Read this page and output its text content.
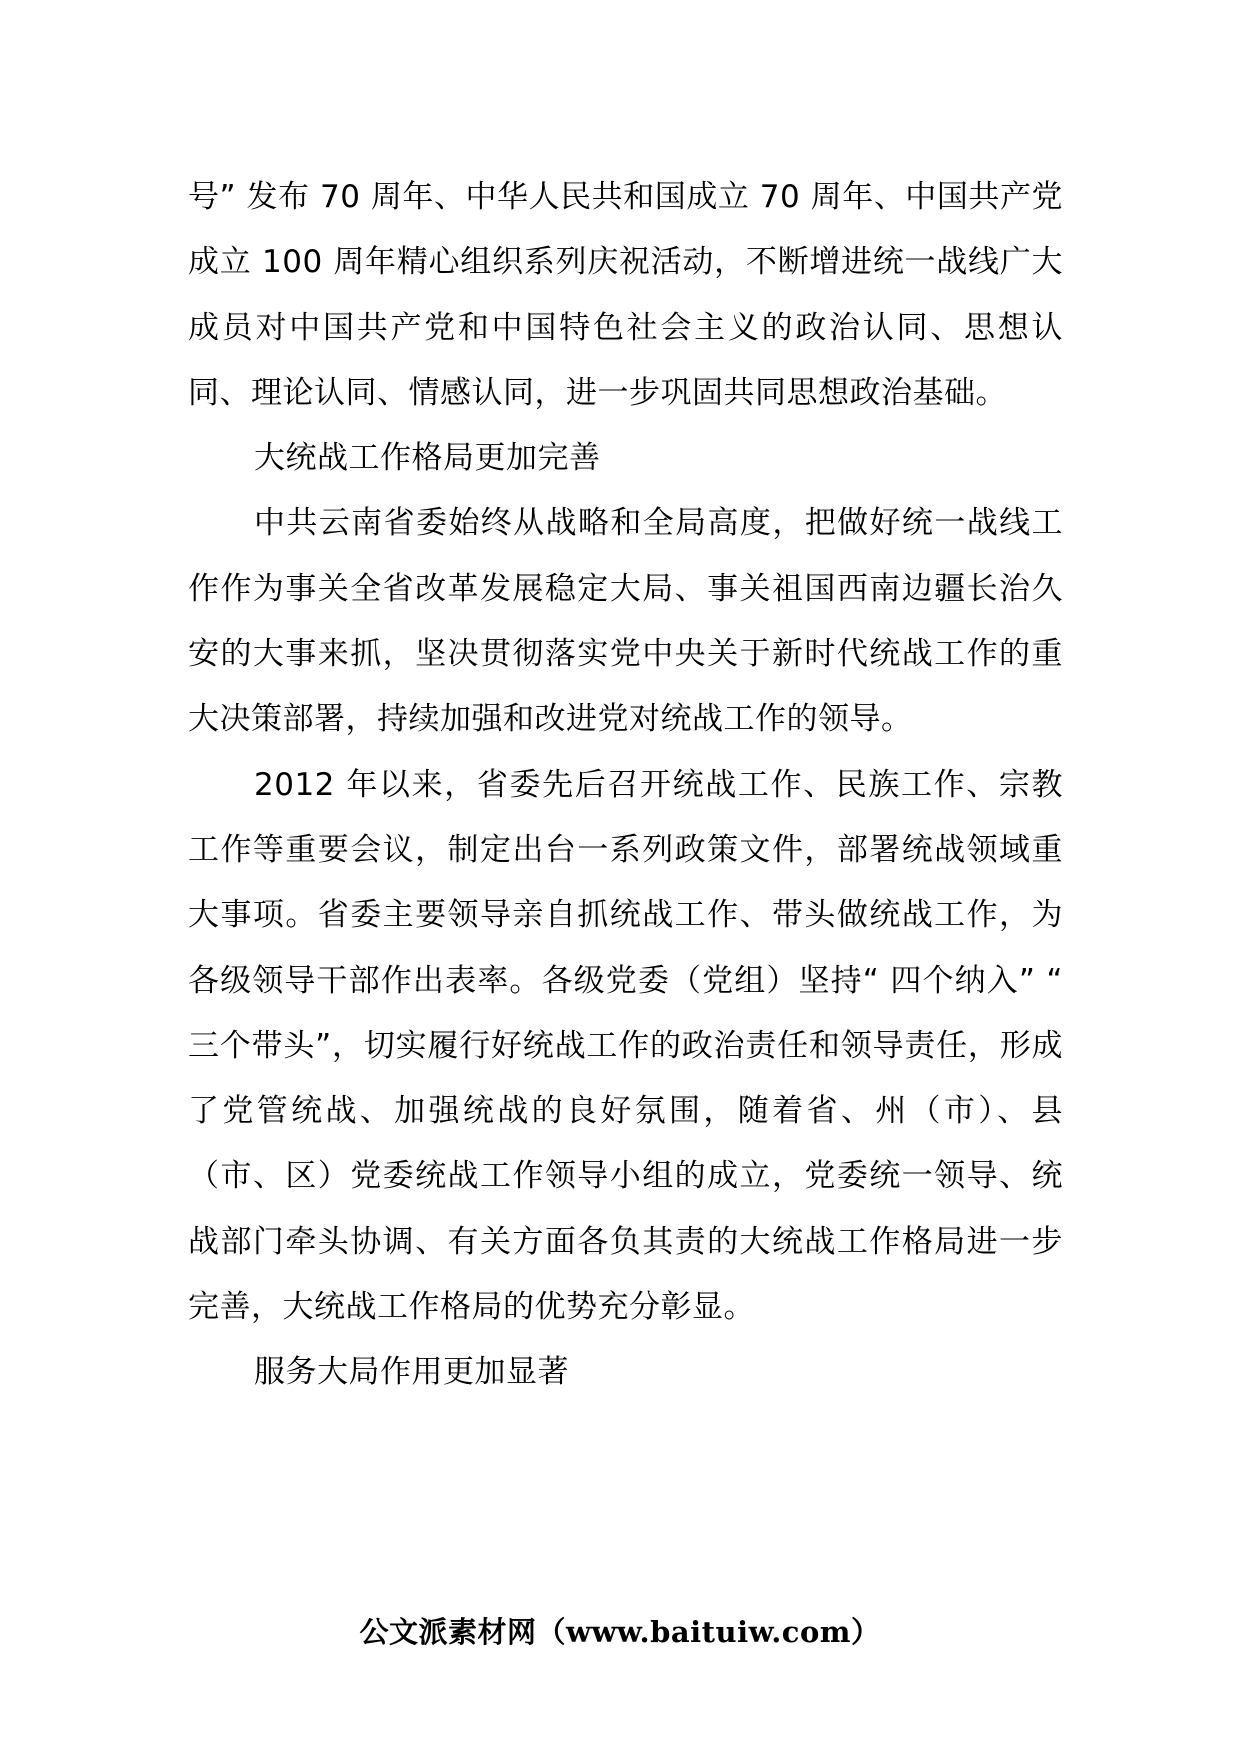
号” 发布 70 周年、中华人民共和国成立 70 周年、中国共产党成立 100 周年精心组织系列庆祝活动，不断增进统一战线广大成员对中国共产党和中国特色社会主义的政治认同、思想认同、理论认同、情感认同，进一步巩固共同思想政治基础。

大统战工作格局更加完善

中共云南省委始终从战略和全局高度，把做好统一战线工作作为事关全省改革发展稳定大局、事关祖国西南边疆长治久安的大事来抓，坚决贯彻落实党中央关于新时代统战工作的重大决策部署，持续加强和改进党对统战工作的领导。

2012 年以来，省委先后召开统战工作、民族工作、宗教工作等重要会议，制定出台一系列政策文件，部署统战领域重大事项。省委主要领导亲自抓统战工作、带头做统战工作，为各级领导干部作出表率。各级党委（党组）坚持“ 四个纳入” “ 三个带头”，切实履行好统战工作的政治责任和领导责任，形成了党管统战、加强统战的良好氛围，随着省、州（市）、县（市、区）党委统战工作领导小组的成立，党委统一领导、统战部门牵头协调、有关方面各负其责的大统战工作格局进一步完善，大统战工作格局的优势充分彰显。

服务大局作用更加显著

公文派素材网（www.baituiw.com）
